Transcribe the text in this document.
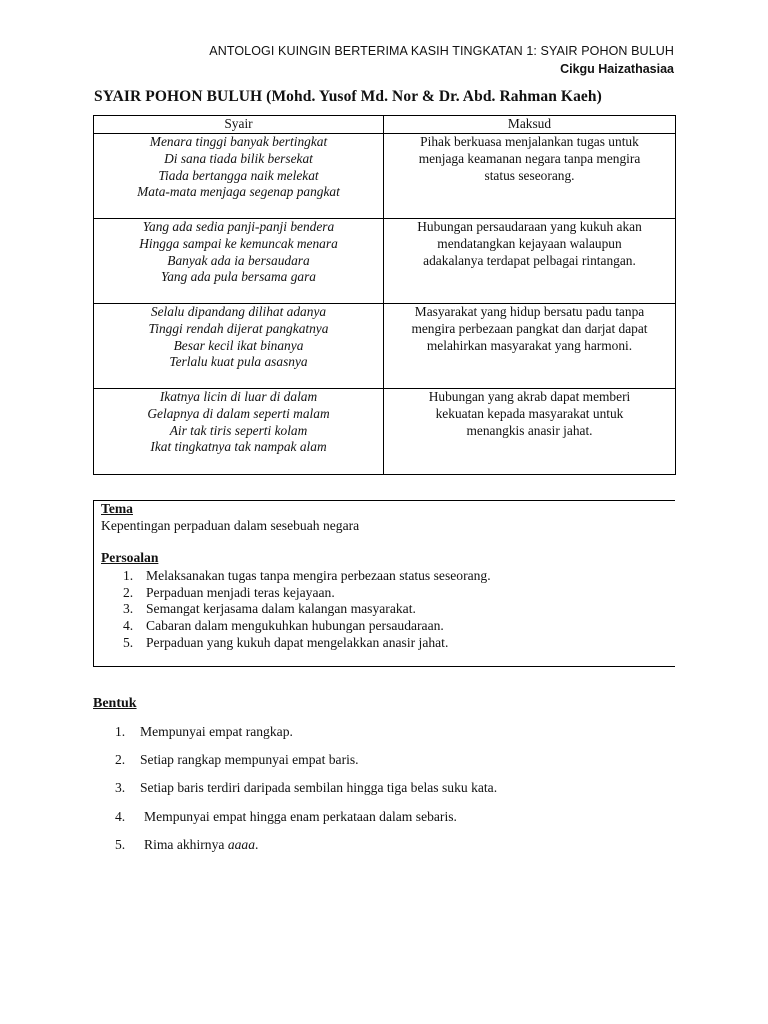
ANTOLOGI KUINGIN BERTERIMA KASIH TINGKATAN 1: SYAIR POHON BULUH
Cikgu Haizathasiaa
SYAIR POHON BULUH (Mohd. Yusof Md. Nor & Dr. Abd. Rahman Kaeh)
Syair	Maksud

Menara tinggi banyak bertingkat
Di sana tiada bilik bersekat
Tiada bertangga naik melekat
Mata-mata menjaga segenap pangkat	Pihak berkuasa menjalankan tugas untuk
menjaga keamanan negara tanpa mengira
status seseorang.

Yang ada sedia panji-panji bendera
Hingga sampai ke kemuncak menara
Banyak ada ia bersaudara
Yang ada pula bersama gara	Hubungan persaudaraan yang kukuh akan
mendatangkan kejayaan walaupun
adakalanya terdapat pelbagai rintangan.

Selalu dipandang dilihat adanya
Tinggi rendah dijerat pangkatnya
Besar kecil ikat binanya
Terlalu kuat pula asasnya	Masyarakat yang hidup bersatu padu tanpa
mengira perbezaan pangkat dan darjat dapat
melahirkan masyarakat yang harmoni.

Ikatnya licin di luar di dalam
Gelapnya di dalam seperti malam
Air tak tiris seperti kolam
Ikat tingkatnya tak nampak alam	Hubungan yang akrab dapat memberi
kekuatan kepada masyarakat untuk
menangkis anasir jahat.
Tema
Kepentingan perpaduan dalam sesebuah negara
Persoalan
1. Melaksanakan tugas tanpa mengira perbezaan status seseorang.
2. Perpaduan menjadi teras kejayaan.
3. Semangat kerjasama dalam kalangan masyarakat.
4. Cabaran dalam mengukuhkan hubungan persaudaraan.
5. Perpaduan yang kukuh dapat mengelakkan anasir jahat.
Bentuk
1. Mempunyai empat rangkap.
2. Setiap rangkap mempunyai empat baris.
3. Setiap baris terdiri daripada sembilan hingga tiga belas suku kata.
4. Mempunyai empat hingga enam perkataan dalam sebaris.
5. Rima akhirnya aaaa.
